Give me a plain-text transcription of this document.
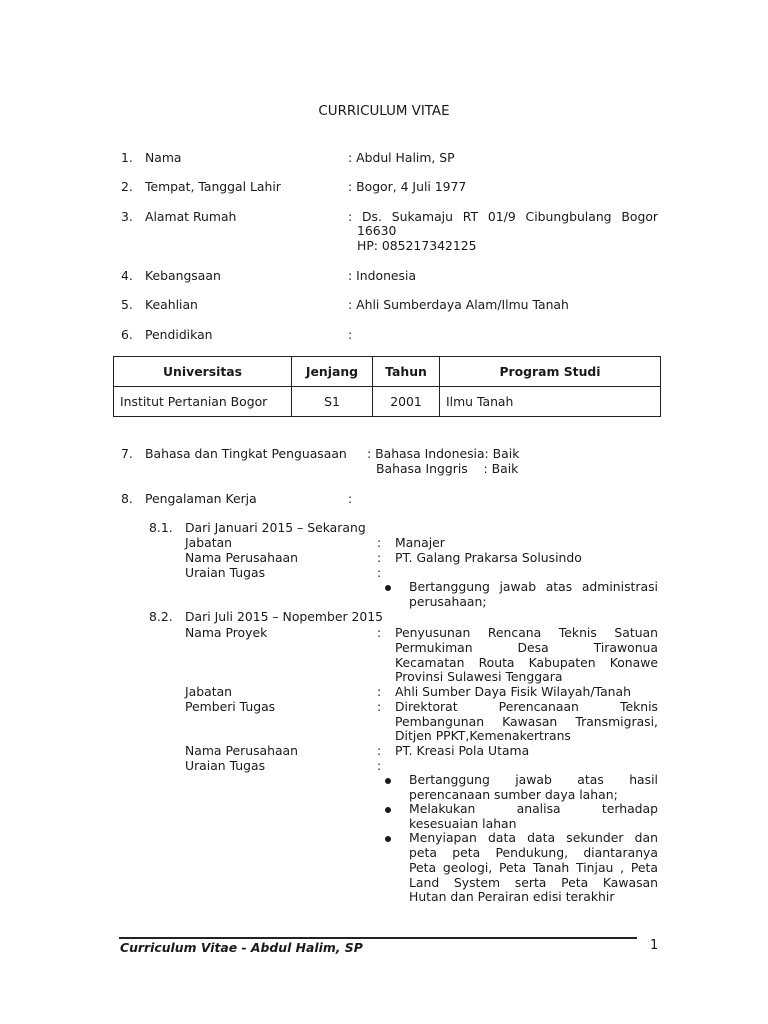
CURRICULUM VITAE
1. Nama	: Abdul Halim, SP
2. Tempat, Tanggal Lahir	: Bogor, 4 Juli 1977
3. Alamat Rumah	: Ds. Sukamaju RT 01/9 Cibungbulang Bogor
16630
HP: 085217342125
4. Kebangsaan	: Indonesia
5. Keahlian	: Ahli Sumberdaya Alam/Ilmu Tanah
6. Pendidikan	:
Universitas	Jenjang	Tahun	Program Studi
Institut Pertanian Bogor	S1	2001	Ilmu Tanah
7. Bahasa dan Tingkat Penguasaan : Bahasa Indonesia: Baik
Bahasa Inggris    : Baik
8. Pengalaman Kerja	:
8.1. Dari Januari 2015 – Sekarang
Jabatan	: Manajer
Nama Perusahaan	: PT. Galang Prakarsa Solusindo
Uraian Tugas	:
Bertanggung jawab atas administrasi
perusahaan;
8.2. Dari Juli 2015 – Nopember 2015
Nama Proyek	: Penyusunan Rencana Teknis Satuan
Permukiman Desa Tirawonua
Kecamatan Routa Kabupaten Konawe
Provinsi Sulawesi Tenggara
Jabatan	: Ahli Sumber Daya Fisik Wilayah/Tanah
Pemberi Tugas	: Direktorat Perencanaan Teknis
Pembangunan Kawasan Transmigrasi,
Ditjen PPKT,Kemenakertrans
Nama Perusahaan	: PT. Kreasi Pola Utama
Uraian Tugas	:
Bertanggung jawab atas hasil
perencanaan sumber daya lahan;
Melakukan analisa terhadap
kesesuaian lahan
Menyiapan data data sekunder dan
peta peta Pendukung, diantaranya
Peta geologi, Peta Tanah Tinjau , Peta
Land System serta Peta Kawasan
Hutan dan Perairan edisi terakhir
Curriculum Vitae - Abdul Halim, SP	1
